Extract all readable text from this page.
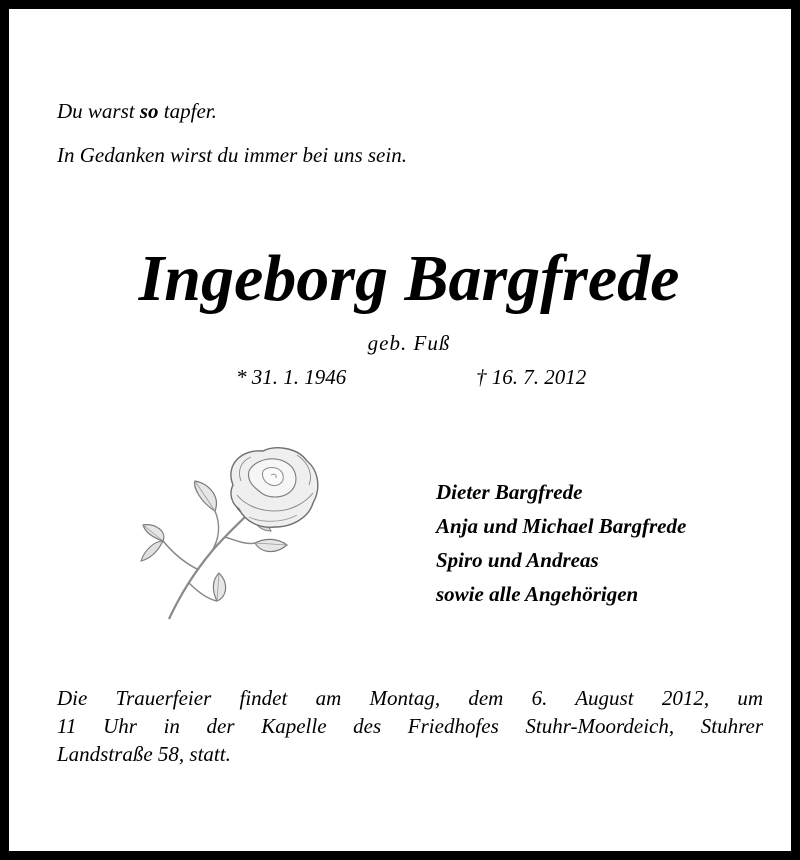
Du warst so tapfer.
In Gedanken wirst du immer bei uns sein.
Ingeborg Bargfrede
geb. Fuß
* 31. 1. 1946	† 16. 7. 2012
Dieter Bargfrede
Anja und Michael Bargfrede
Spiro und Andreas
sowie alle Angehörigen
Die Trauerfeier findet am Montag, dem 6. August 2012, um
11 Uhr in der Kapelle des Friedhofes Stuhr-Moordeich, Stuhrer
Landstraße 58, statt.
